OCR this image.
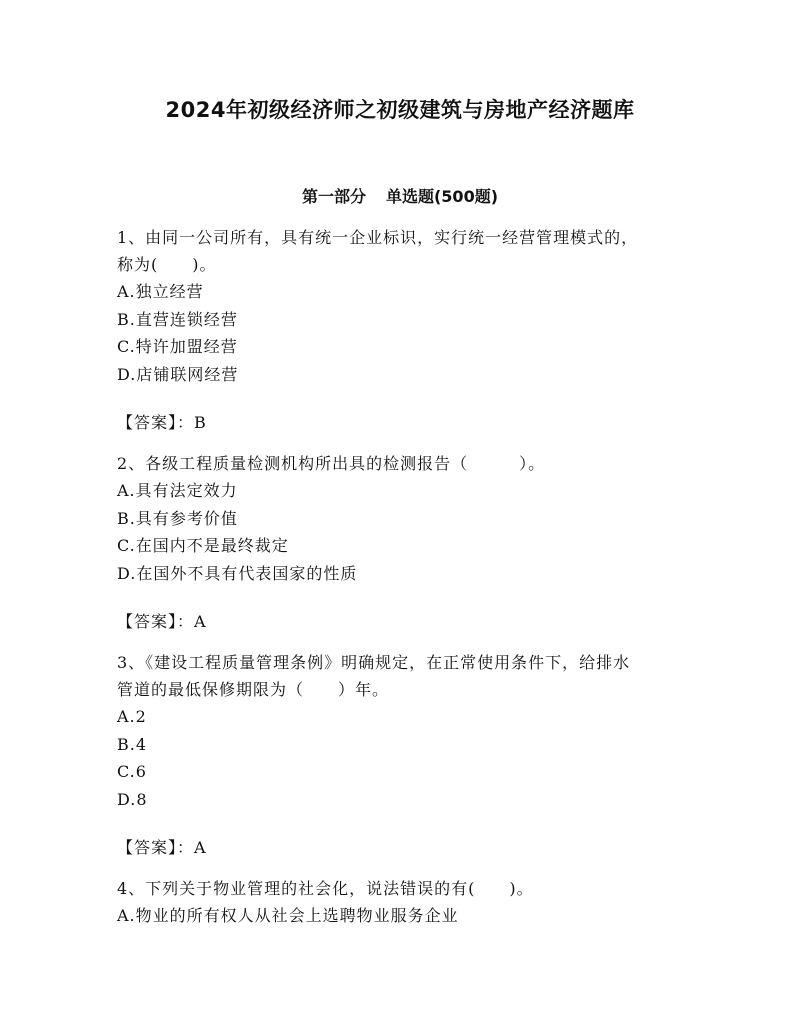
2024年初级经济师之初级建筑与房地产经济题库
第一部分 单选题(500题)
1、由同一公司所有，具有统一企业标识，实行统一经营管理模式的，
称为(　　)。
A.独立经营
B.直营连锁经营
C.特许加盟经营
D.店铺联网经营
【答案】：B
2、各级工程质量检测机构所出具的检测报告（　　　）。
A.具有法定效力
B.具有参考价值
C.在国内不是最终裁定
D.在国外不具有代表国家的性质
【答案】：A
3、《建设工程质量管理条例》明确规定，在正常使用条件下，给排水
管道的最低保修期限为（　　）年。
A.2
B.4
C.6
D.8
【答案】：A
4、下列关于物业管理的社会化，说法错误的有(　　)。
A.物业的所有权人从社会上选聘物业服务企业
